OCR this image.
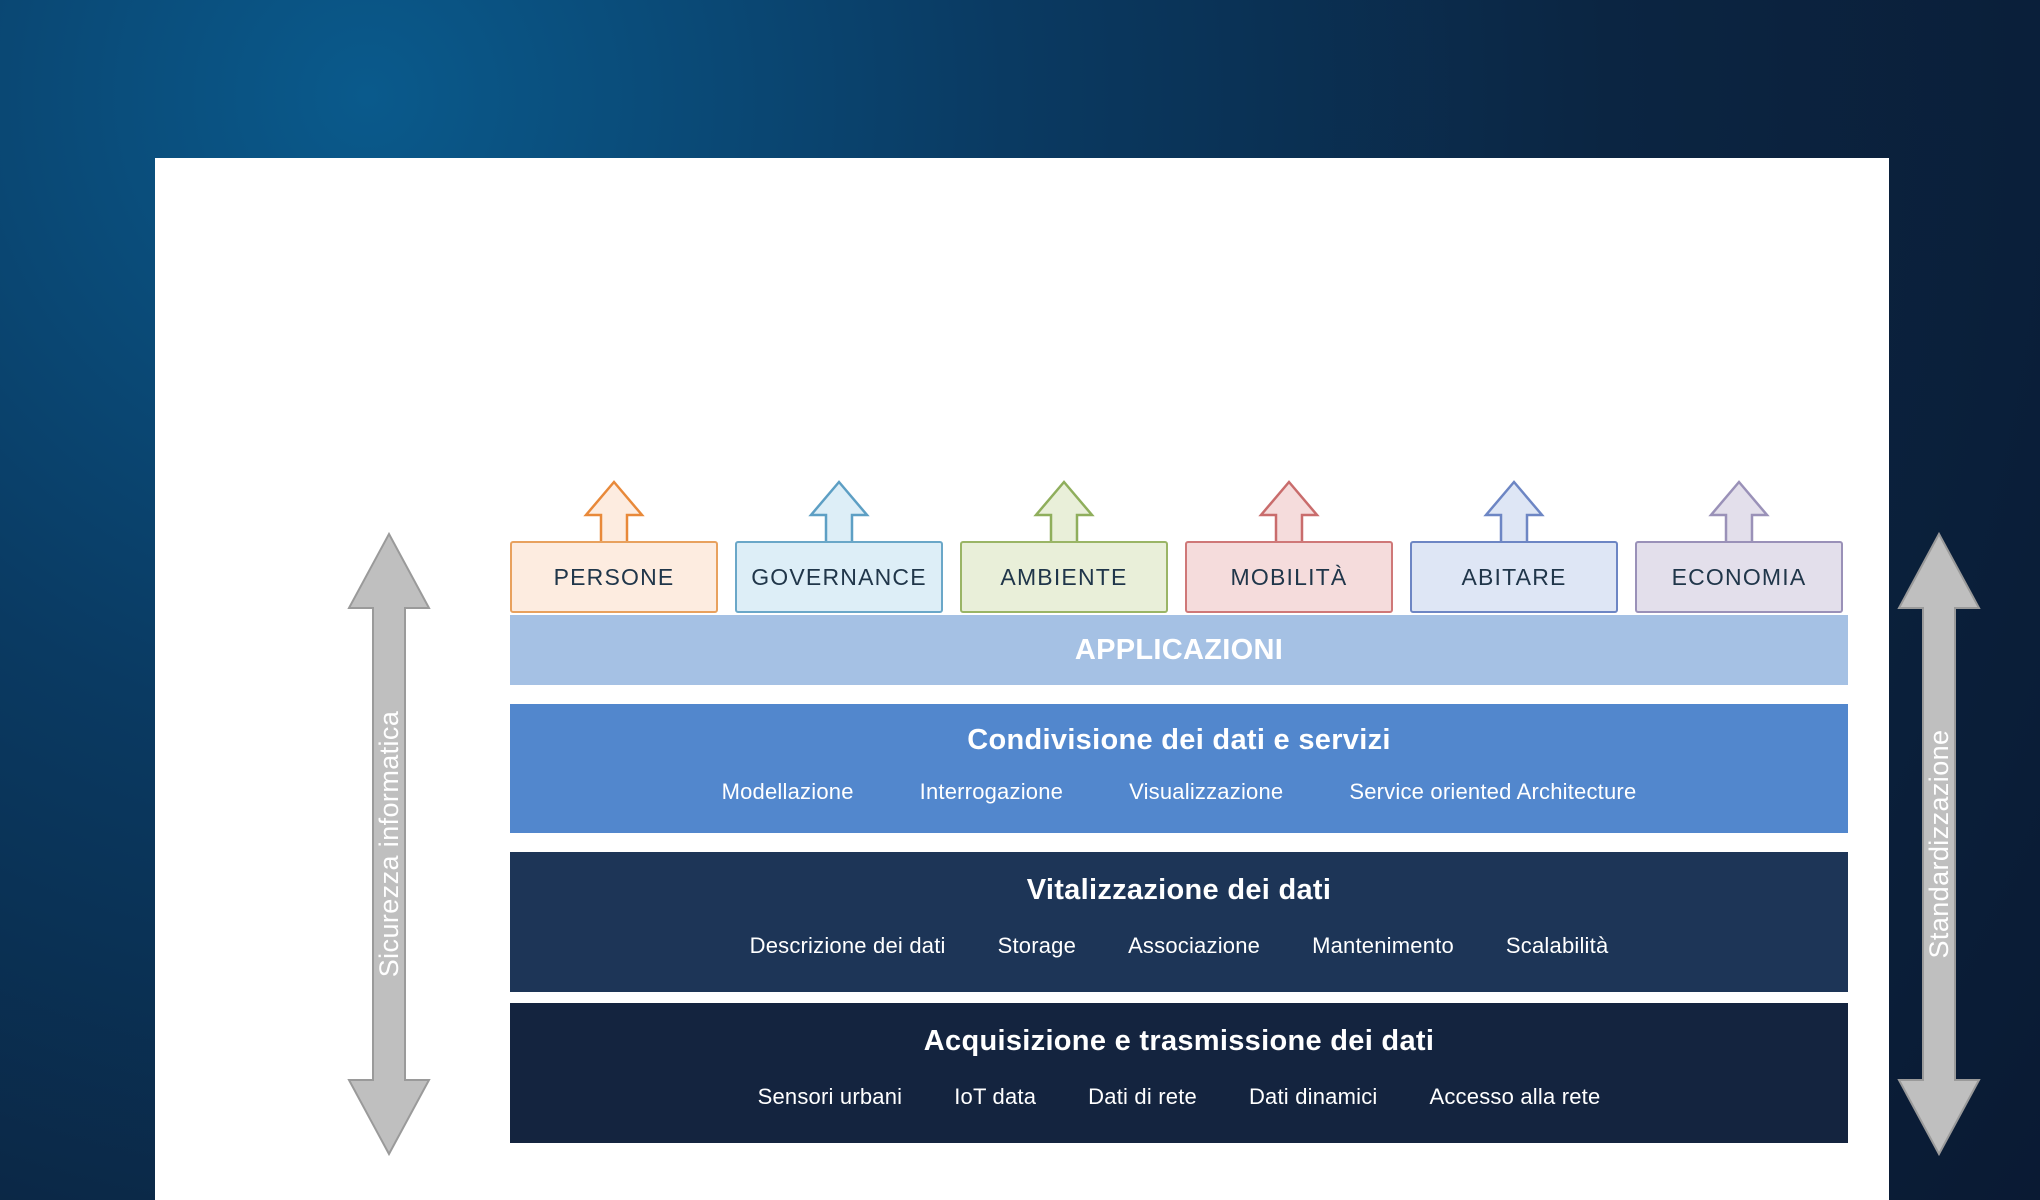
Sicurezza informatica	Standardizzazione
PERSONE	GOVERNANCE	AMBIENTE	MOBILITÀ	ABITARE	ECONOMIA
APPLICAZIONI
Condivisione dei dati e servizi
Modellazione	Interrogazione	Visualizzazione	Service oriented Architecture
Vitalizzazione dei dati
Descrizione dei dati Storage Associazione Mantenimento Scalabilità
Acquisizione e trasmissione dei dati
Sensori urbani IoT data Dati di rete Dati dinamici Accesso alla rete
